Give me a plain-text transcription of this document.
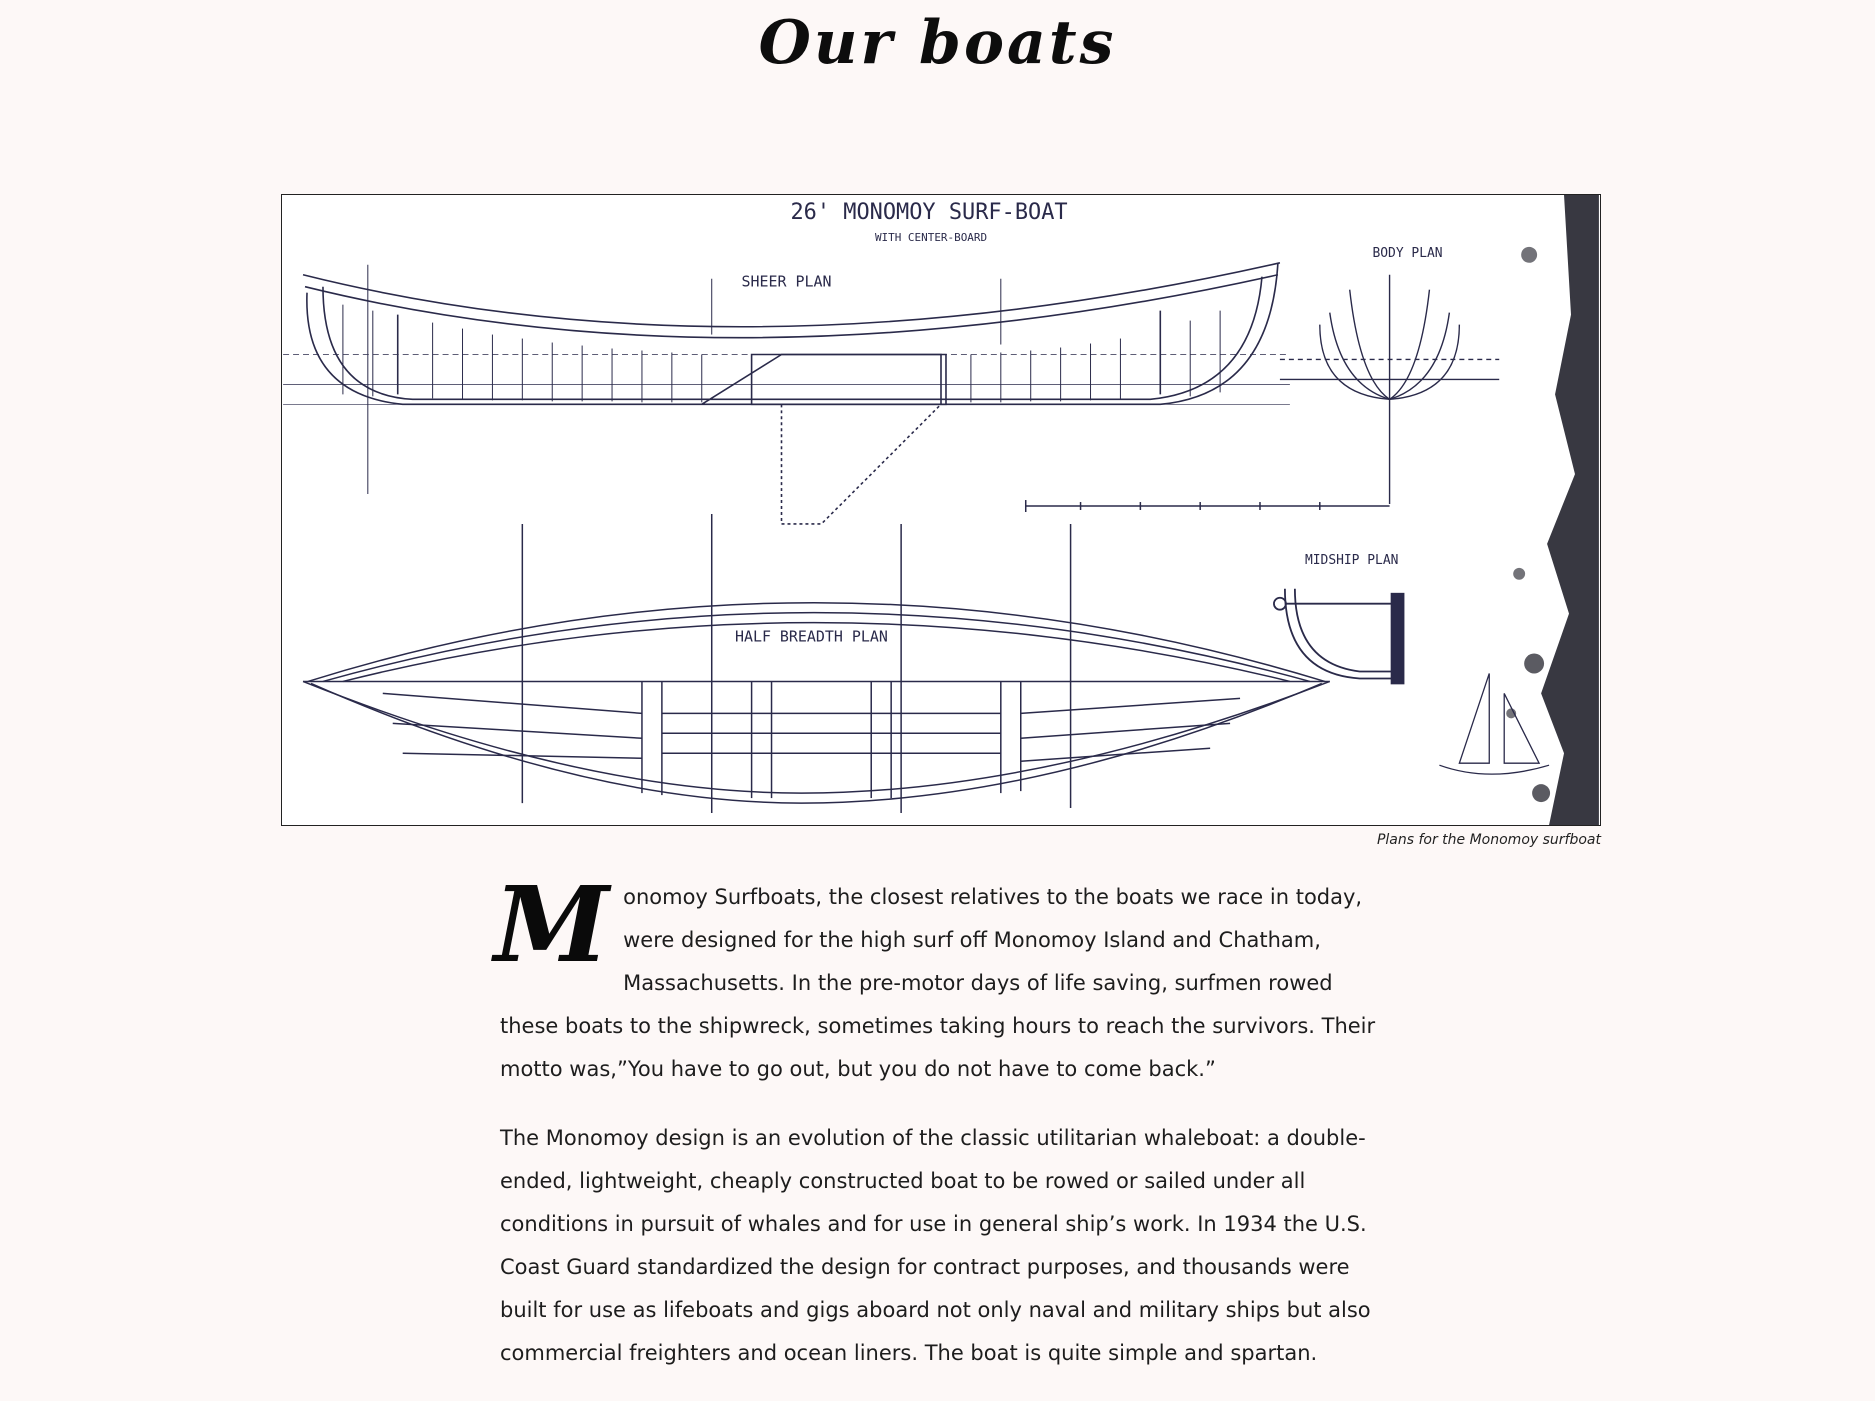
Our boats
26' MONOMOY SURF-BOAT
WITH CENTER-BOARD
SHEER PLAN
BODY PLAN
MIDSHIP PLAN
HALF BREADTH PLAN
Plans for the Monomoy surfboat

Monomoy Surfboats, the closest relatives to the boats we race in today, were designed for the high surf off Monomoy Island and Chatham, Massachusetts. In the pre-motor days of life saving, surfmen rowed these boats to the shipwreck, sometimes taking hours to reach the survivors. Their motto was,”You have to go out, but you do not have to come back.”

The Monomoy design is an evolution of the classic utilitarian whaleboat: a double-ended, lightweight, cheaply constructed boat to be rowed or sailed under all conditions in pursuit of whales and for use in general ship’s work. In 1934 the U.S. Coast Guard standardized the design for contract purposes, and thousands were built for use as lifeboats and gigs aboard not only naval and military ships but also commercial freighters and ocean liners. The boat is quite simple and spartan.
